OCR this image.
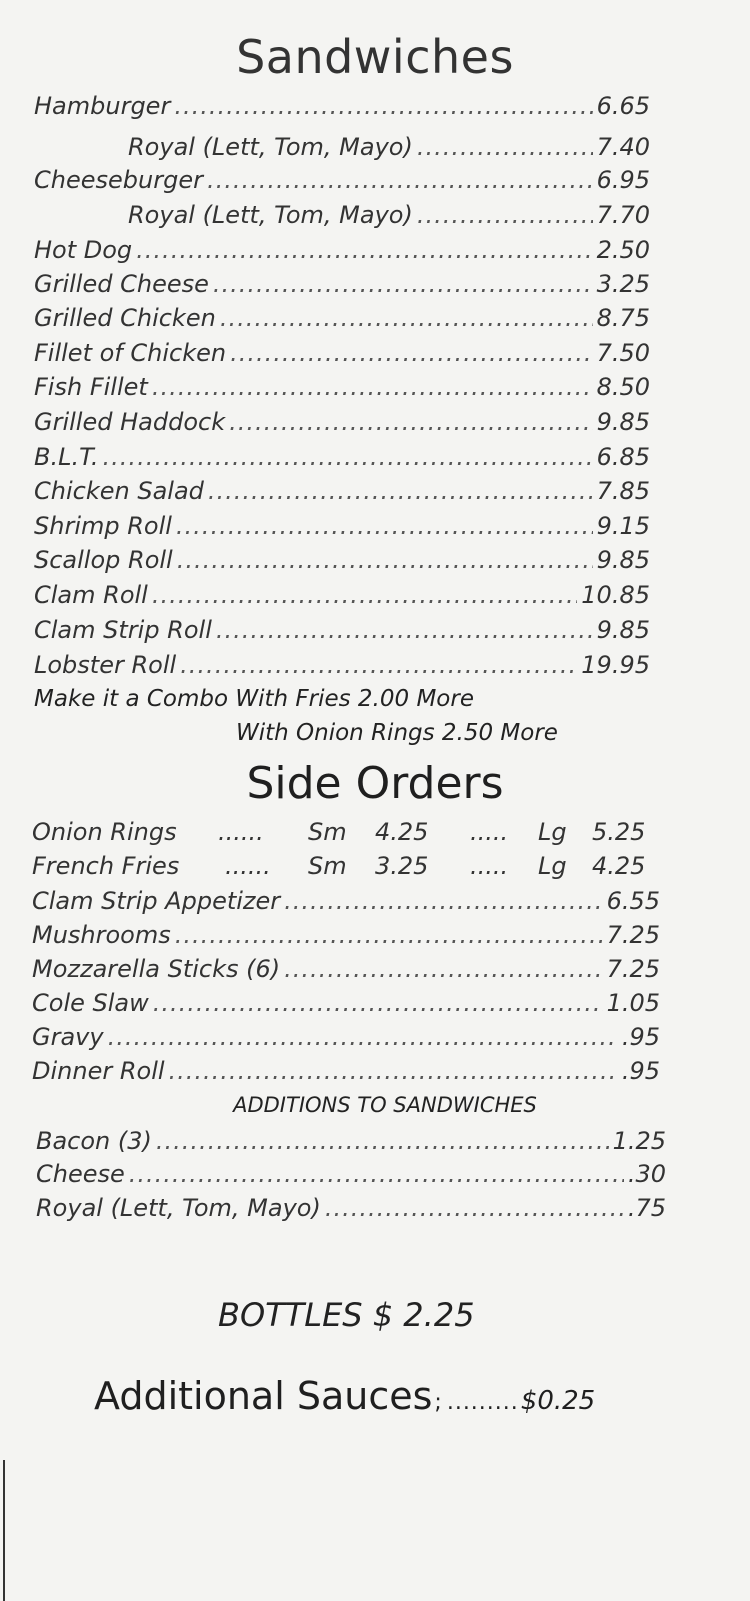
Sandwiches
Hamburger .....	6.65
Royal (Lett, Tom, Mayo) .....	7.40
Cheeseburger .....	6.95
Royal (Lett, Tom, Mayo) .....	7.70
Hot Dog .....	2.50
Grilled Cheese .....	3.25
Grilled Chicken .....	8.75
Fillet of Chicken .....	7.50
Fish Fillet .....	8.50
Grilled Haddock .....	9.85
B.L.T. .....	6.85
Chicken Salad .....	7.85
Shrimp Roll .....	9.15
Scallop Roll .....	9.85
Clam Roll .....	10.85
Clam Strip Roll .....	9.85
Lobster Roll .....	19.95
Make it a Combo With Fries 2.00 More
With Onion Rings 2.50 More
Side Orders
Onion Rings ...... Sm 4.25 ..... Lg 5.25
French Fries ...... Sm 3.25 ..... Lg 4.25
Clam Strip Appetizer .....	6.55
Mushrooms .....	7.25
Mozzarella Sticks (6) .....	7.25
Cole Slaw .....	1.05
Gravy .....	.95
Dinner Roll .....	.95
ADDITIONS TO SANDWICHES
Bacon (3) .....	1.25
Cheese .....	.30
Royal (Lett, Tom, Mayo) .....	.75
BOTTLES $ 2.25
Additional Sauces ; ......... $0.25
